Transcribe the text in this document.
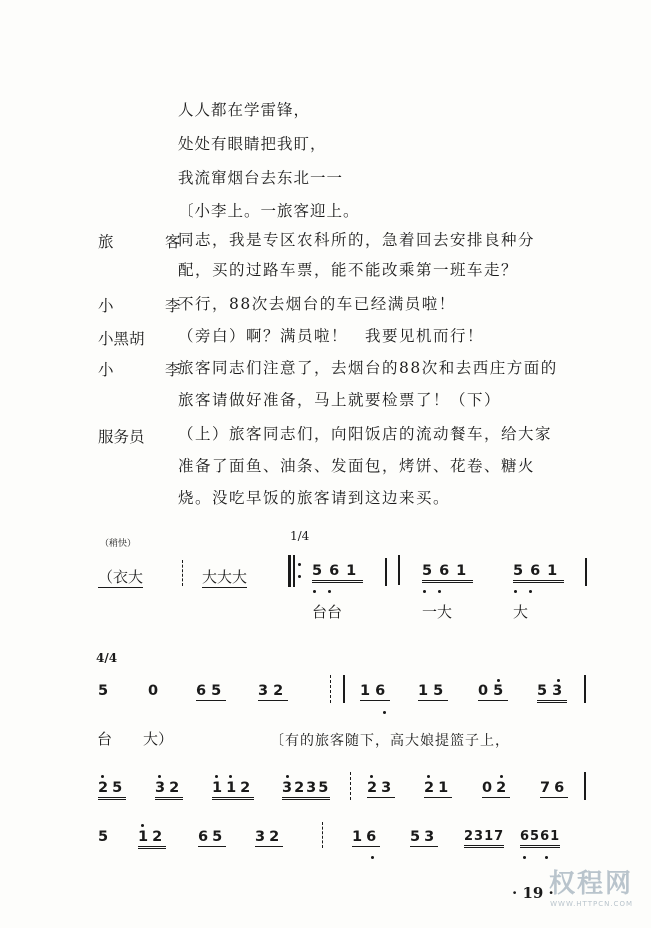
人人都在学雷锋，
处处有眼睛把我盯，
我流窜烟台去东北一一
〔小李上。一旅客迎上。
旅　客
同志，我是专区农科所的，急着回去安排良种分
配，买的过路车票，能不能改乘第一班车走？
小　李
不行，88次去烟台的车已经满员啦！
小黑胡 （旁白）啊？满员啦！　我要见机而行！
小　李
旅客同志们注意了，去烟台的88次和去西庄方面的
旅客请做好准备，马上就要检票了！（下）
服务员 （上）旅客同志们，向阳饭店的流动餐车，给大家
准备了面鱼、油条、发面包，烤饼、花卷、糖火
烧。没吃早饭的旅客请到这边来买。
（稍快）
1/4
（衣大	大大大	561	561	561
台台	一大	大
4/4
5	0	65 32	16 15 05 53
台 大）	〔有的旅客随下，高大娘提篮子上，
25 32 112 3235	23 21 02 76
5 12 65 32	16 53 2317 6561
· 19 ·
权程网
WWW.HTTPCN.COM
